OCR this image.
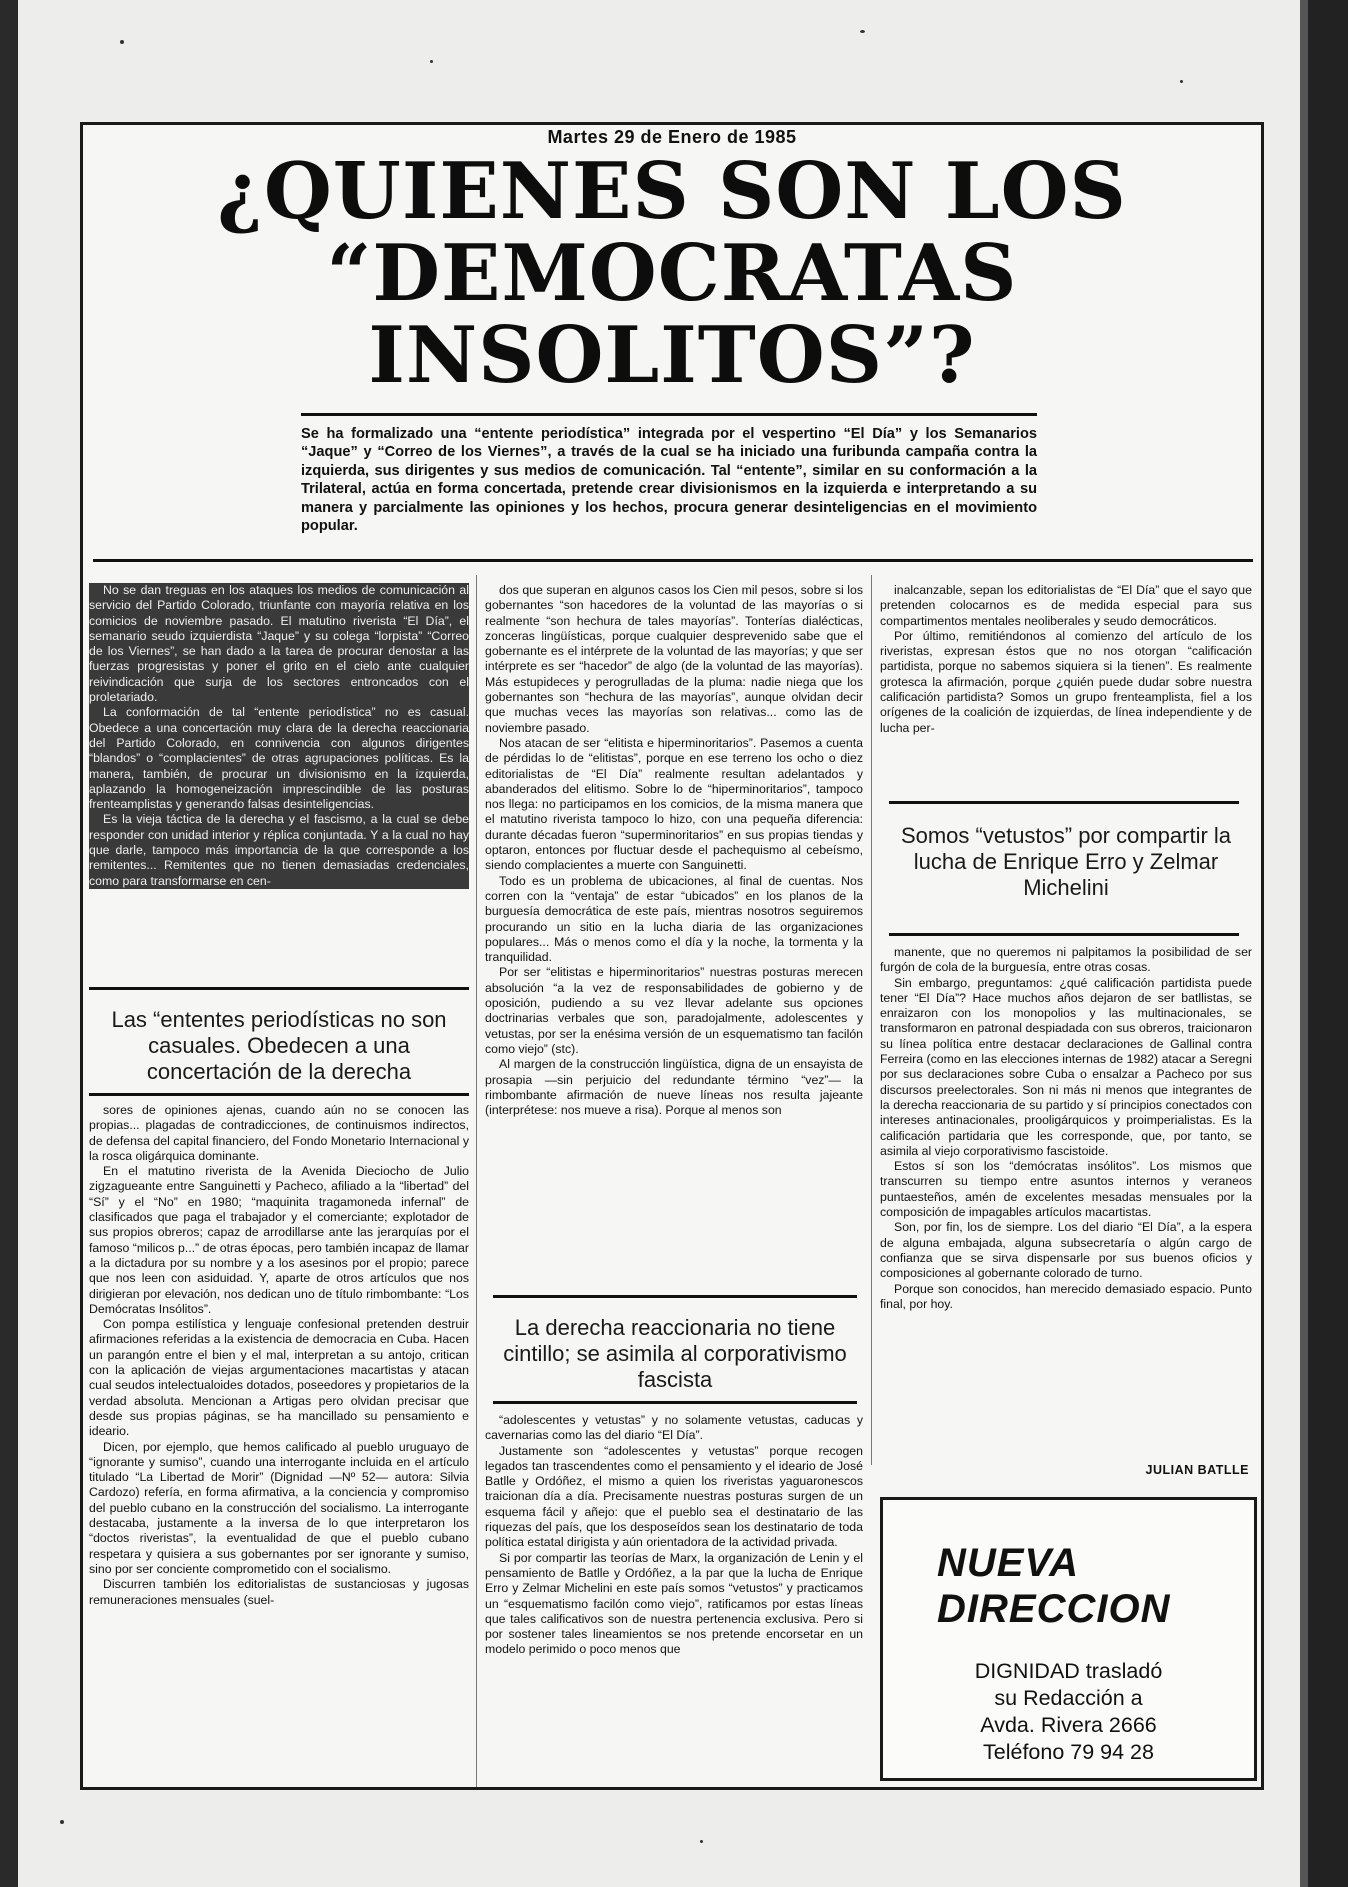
Martes 29 de Enero de 1985
¿QUIENES SON LOS
“DEMOCRATAS
INSOLITOS”?
Se ha formalizado una “entente periodística” integrada por el vespertino “El Día” y los Semanarios “Jaque” y “Correo de los Viernes”, a través de la cual se ha iniciado una furibunda campaña contra la izquierda, sus dirigentes y sus medios de comunicación. Tal “entente”, similar en su conformación a la Trilateral, actúa en forma concertada, pretende crear divisionismos en la izquierda e interpretando a su manera y parcialmente las opiniones y los hechos, procura generar desinteligencias en el movimiento popular.

No se dan treguas en los ataques los medios de comunicación al servicio del Partido Colorado, triunfante con mayoría relativa en los comicios de noviembre pasado. El matutino riverista “El Día”, el semanario seudo izquierdista “Jaque” y su colega “lorpista” “Correo de los Viernes”, se han dado a la tarea de procurar denostar a las fuerzas progresistas y poner el grito en el cielo ante cualquier reivindicación que surja de los sectores entroncados con el proletariado.

La conformación de tal “entente periodística” no es casual. Obedece a una concertación muy clara de la derecha reaccionaria del Partido Colorado, en connivencia con algunos dirigentes “blandos” o “complacientes” de otras agrupaciones políticas. Es la manera, también, de procurar un divisionismo en la izquierda, aplazando la homogeneización imprescindible de las posturas frenteamplistas y generando falsas desinteligencias.

Es la vieja táctica de la derecha y el fascismo, a la cual se debe responder con unidad interior y réplica conjuntada. Y a la cual no hay que darle, tampoco más importancia de la que corresponde a los remitentes... Remitentes que no tienen demasiadas credenciales, como para transformarse en cen-

Las “ententes periodísticas no son casuales. Obedecen a una concertación de la derecha

sores de opiniones ajenas, cuando aún no se conocen las propias... plagadas de contradicciones, de continuismos indirectos, de defensa del capital financiero, del Fondo Monetario Internacional y la rosca oligárquica dominante.

En el matutino riverista de la Avenida Dieciocho de Julio zigzagueante entre Sanguinetti y Pacheco, afiliado a la “libertad” del “Sí” y el “No” en 1980; “maquinita tragamoneda infernal” de clasificados que paga el trabajador y el comerciante; explotador de sus propios obreros; capaz de arrodillarse ante las jerarquías por el famoso “milicos p...” de otras épocas, pero también incapaz de llamar a la dictadura por su nombre y a los asesinos por el propio; parece que nos leen con asiduidad. Y, aparte de otros artículos que nos dirigieran por elevación, nos dedican uno de título rimbombante: “Los Demócratas Insólitos”.

Con pompa estilística y lenguaje confesional pretenden destruir afirmaciones referidas a la existencia de democracia en Cuba. Hacen un parangón entre el bien y el mal, interpretan a su antojo, critican con la aplicación de viejas argumentaciones macartistas y atacan cual seudos intelectualoides dotados, poseedores y propietarios de la verdad absoluta. Mencionan a Artigas pero olvidan precisar que desde sus propias páginas, se ha mancillado su pensamiento e ideario.

Dicen, por ejemplo, que hemos calificado al pueblo uruguayo de “ignorante y sumiso”, cuando una interrogante incluida en el artículo titulado “La Libertad de Morir” (Dignidad —Nº 52— autora: Silvia Cardozo) refería, en forma afirmativa, a la conciencia y compromiso del pueblo cubano en la construcción del socialismo. La interrogante destacaba, justamente a la inversa de lo que interpretaron los “doctos riveristas”, la eventualidad de que el pueblo cubano respetara y quisiera a sus gobernantes por ser ignorante y sumiso, sino por ser conciente comprometido con el socialismo.

Discurren también los editorialistas de sustanciosas y jugosas remuneraciones mensuales (suel-

dos que superan en algunos casos los Cien mil pesos, sobre si los gobernantes “son hacedores de la voluntad de las mayorías o si realmente “son hechura de tales mayorías”. Tonterías dialécticas, zonceras lingüísticas, porque cualquier desprevenido sabe que el gobernante es el intérprete de la voluntad de las mayorías; y que ser intérprete es ser “hacedor” de algo (de la voluntad de las mayorías). Más estupideces y perogrulladas de la pluma: nadie niega que los gobernantes son “hechura de las mayorías”, aunque olvidan decir que muchas veces las mayorías son relativas... como las de noviembre pasado.

Nos atacan de ser “elitista e hiperminoritarios”. Pasemos a cuenta de pérdidas lo de “elitistas”, porque en ese terreno los ocho o diez editorialistas de “El Día” realmente resultan adelantados y abanderados del elitismo. Sobre lo de “hiperminoritarios”, tampoco nos llega: no participamos en los comicios, de la misma manera que el matutino riverista tampoco lo hizo, con una pequeña diferencia: durante décadas fueron “superminoritarios” en sus propias tiendas y optaron, entonces por fluctuar desde el pachequismo al cebeísmo, siendo complacientes a muerte con Sanguinetti.

Todo es un problema de ubicaciones, al final de cuentas. Nos corren con la “ventaja” de estar “ubicados” en los planos de la burguesía democrática de este país, mientras nosotros seguiremos procurando un sitio en la lucha diaria de las organizaciones populares... Más o menos como el día y la noche, la tormenta y la tranquilidad.

Por ser “elitistas e hiperminoritarios” nuestras posturas merecen absolución “a la vez de responsabilidades de gobierno y de oposición, pudiendo a su vez llevar adelante sus opciones doctrinarias verbales que son, paradojalmente, adolescentes y vetustas, por ser la enésima versión de un esquematismo tan facilón como viejo” (stc).

Al margen de la construcción lingüística, digna de un ensayista de prosapia —sin perjuicio del redundante término “vez”— la rimbombante afirmación de nueve líneas nos resulta jajeante (interprétese: nos mueve a risa). Porque al menos son

La derecha reaccionaria no tiene cintillo; se asimila al corporativismo fascista

“adolescentes y vetustas” y no solamente vetustas, caducas y cavernarias como las del diario “El Día”.

Justamente son “adolescentes y vetustas” porque recogen legados tan trascendentes como el pensamiento y el ideario de José Batlle y Ordóñez, el mismo a quien los riveristas yaguaronescos traicionan día a día. Precisamente nuestras posturas surgen de un esquema fácil y añejo: que el pueblo sea el destinatario de las riquezas del país, que los desposeídos sean los destinatario de toda política estatal dirigista y aún orientadora de la actividad privada.

Si por compartir las teorías de Marx, la organización de Lenin y el pensamiento de Batlle y Ordóñez, a la par que la lucha de Enrique Erro y Zelmar Michelini en este país somos “vetustos” y practicamos un “esquematismo facilón como viejo”, ratificamos por estas líneas que tales calificativos son de nuestra pertenencia exclusiva. Pero si por sostener tales lineamientos se nos pretende encorsetar en un modelo perimido o poco menos que

inalcanzable, sepan los editorialistas de “El Día” que el sayo que pretenden colocarnos es de medida especial para sus compartimentos mentales neoliberales y seudo democráticos.

Por último, remitiéndonos al comienzo del artículo de los riveristas, expresan éstos que no nos otorgan “calificación partidista, porque no sabemos siquiera si la tienen”. Es realmente grotesca la afirmación, porque ¿quién puede dudar sobre nuestra calificación partidista? Somos un grupo frenteamplista, fiel a los orígenes de la coalición de izquierdas, de línea independiente y de lucha per-

Somos “vetustos” por compartir la lucha de Enrique Erro y Zelmar Michelini

manente, que no queremos ni palpitamos la posibilidad de ser furgón de cola de la burguesía, entre otras cosas.

Sin embargo, preguntamos: ¿qué calificación partidista puede tener “El Día”? Hace muchos años dejaron de ser batllistas, se enraizaron con los monopolios y las multinacionales, se transformaron en patronal despiadada con sus obreros, traicionaron su línea política entre destacar declaraciones de Gallinal contra Ferreira (como en las elecciones internas de 1982) atacar a Seregni por sus declaraciones sobre Cuba o ensalzar a Pacheco por sus discursos preelectorales. Son ni más ni menos que integrantes de la derecha reaccionaria de su partido y sí principios conectados con intereses antinacionales, prooligárquicos y proimperialistas. Es la calificación partidaria que les corresponde, que, por tanto, se asimila al viejo corporativismo fascistoide.

Estos sí son los “demócratas insólitos”. Los mismos que transcurren su tiempo entre asuntos internos y veraneos puntaesteños, amén de excelentes mesadas mensuales por la composición de impagables artículos macartistas.

Son, por fin, los de siempre. Los del diario “El Día”, a la espera de alguna embajada, alguna subsecretaría o algún cargo de confianza que se sirva dispensarle por sus buenos oficios y composiciones al gobernante colorado de turno.

Porque son conocidos, han merecido demasiado espacio. Punto final, por hoy.

JULIAN BATLLE
NUEVA
DIRECCION
DIGNIDAD trasladó
su Redacción a
Avda. Rivera 2666
Teléfono 79 94 28
